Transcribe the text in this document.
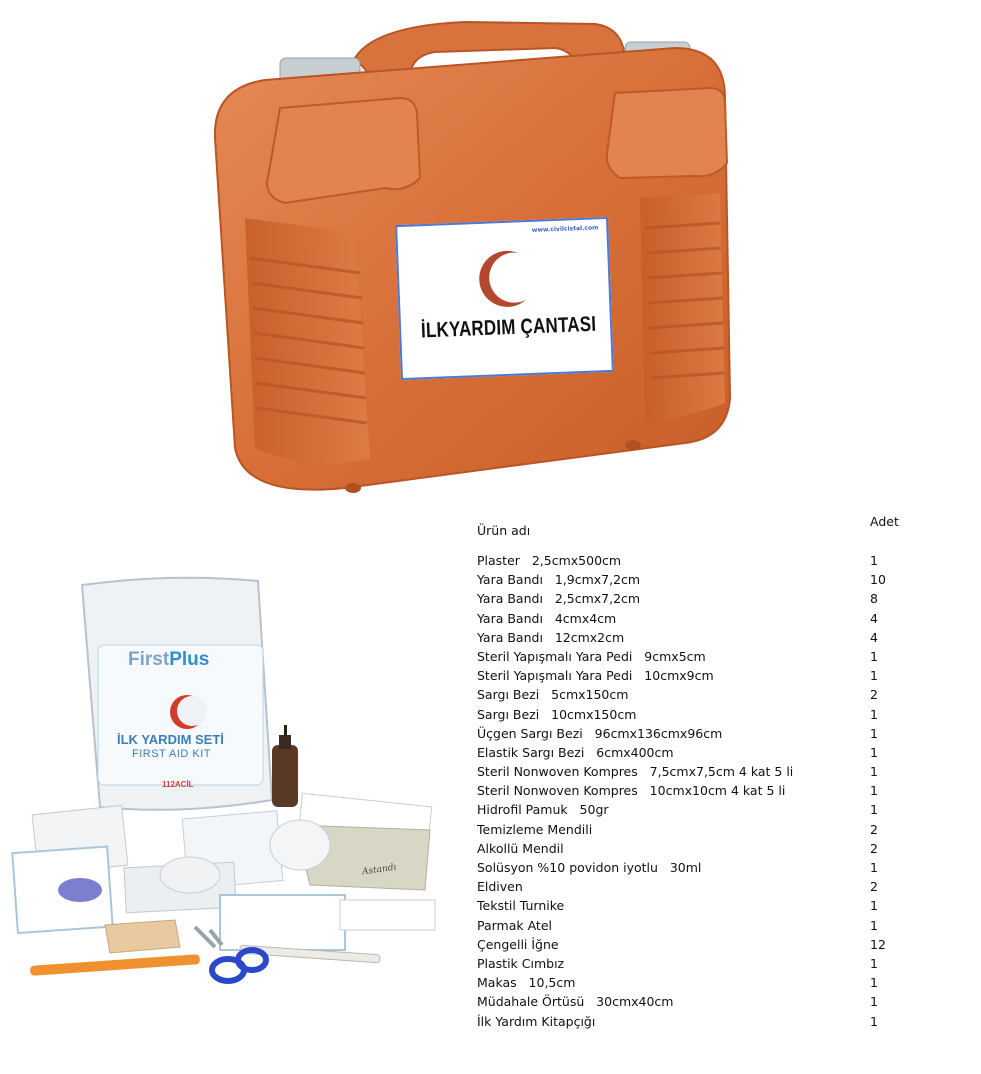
www.civilcistal.com
İLKYARDIM ÇANTASI
FirstPlus
İLK YARDIM SETİ
FIRST AID KIT
112ACİL
Astandı
Ürün adı
Adet
Plaster   2,5cmx500cm	1
Yara Bandı   1,9cmx7,2cm	10
Yara Bandı   2,5cmx7,2cm	8
Yara Bandı   4cmx4cm	4
Yara Bandı   12cmx2cm	4
Steril Yapışmalı Yara Pedi   9cmx5cm	1
Steril Yapışmalı Yara Pedi   10cmx9cm	1
Sargı Bezi   5cmx150cm	2
Sargı Bezi   10cmx150cm	1
Üçgen Sargı Bezi   96cmx136cmx96cm	1
Elastik Sargı Bezi   6cmx400cm	1
Steril Nonwoven Kompres   7,5cmx7,5cm 4 kat 5 li	1
Steril Nonwoven Kompres   10cmx10cm 4 kat 5 li	1
Hidrofil Pamuk   50gr	1
Temizleme Mendili	2
Alkollü Mendil	2
Solüsyon %10 povidon iyotlu   30ml	1
Eldiven	2
Tekstil Turnike	1
Parmak Atel	1
Çengelli İğne	12
Plastik Cımbız	1
Makas   10,5cm	1
Müdahale Örtüsü   30cmx40cm	1
İlk Yardım Kitapçığı	1
